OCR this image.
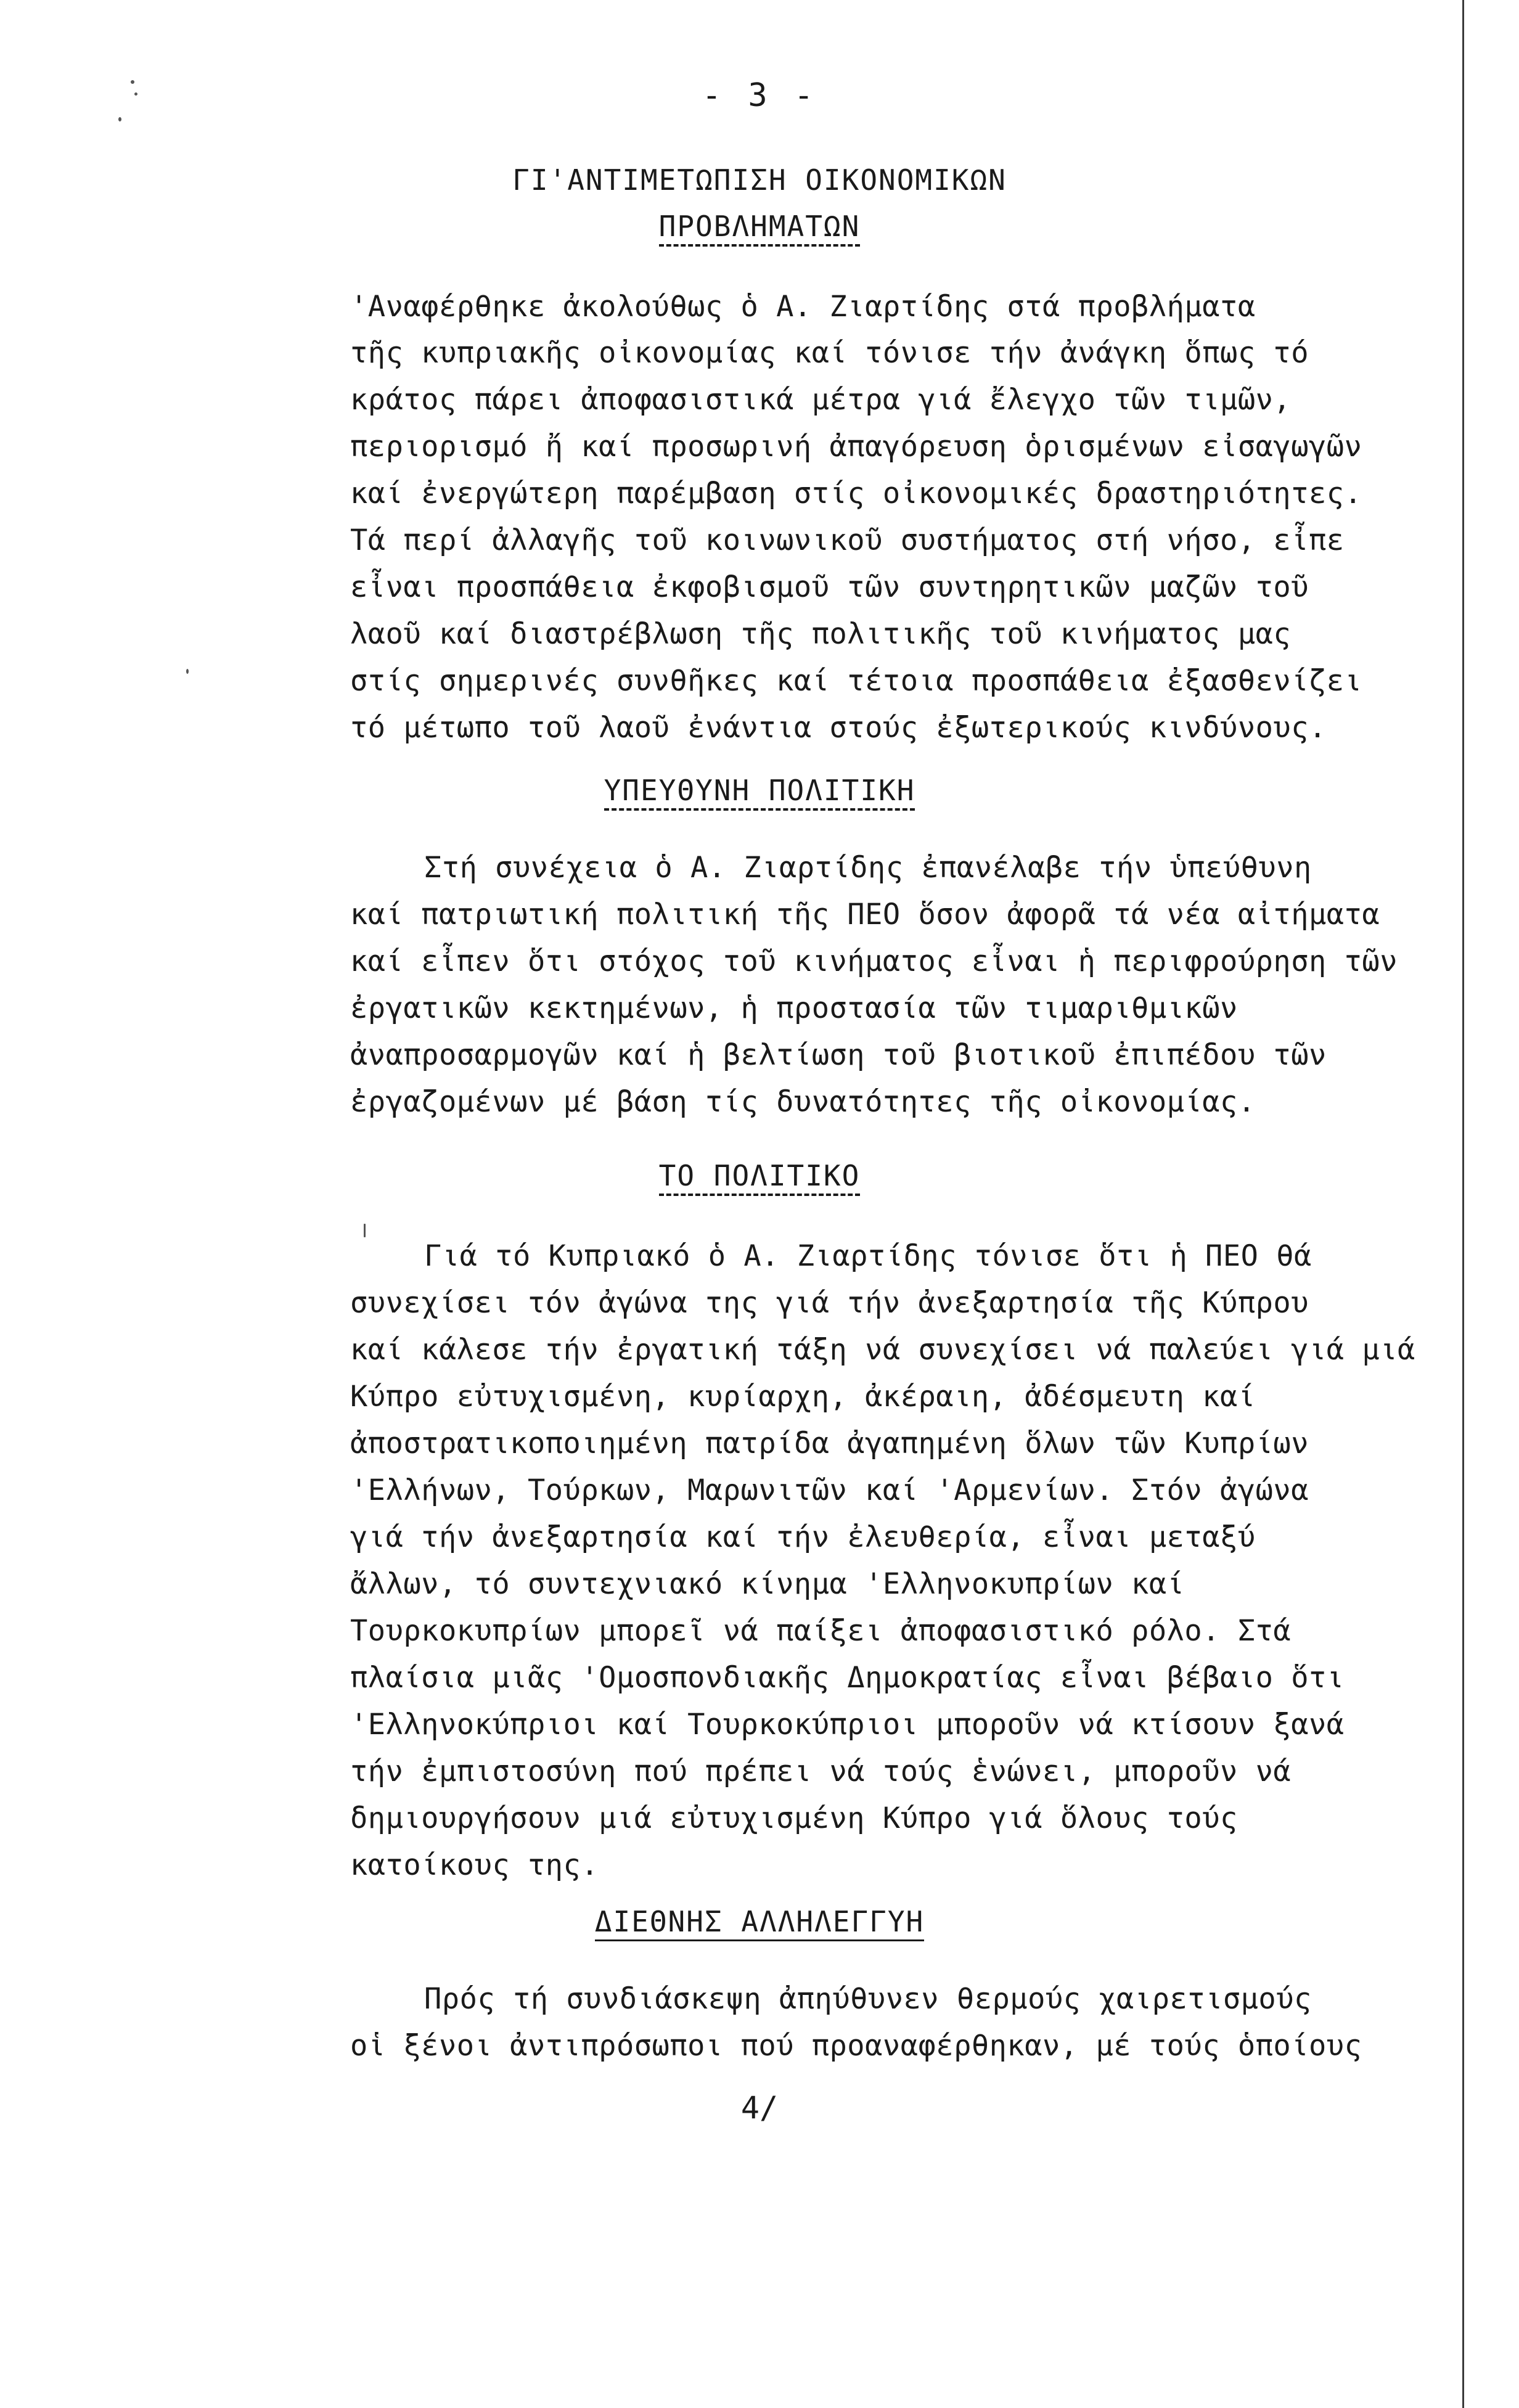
- 3 -
ΓΙ'ΑΝΤΙΜΕΤΩΠΙΣΗ ΟΙΚΟΝΟΜΙΚΩΝ
ΠΡΟΒΛΗΜΑΤΩΝ
'Αναφέρθηκε ἀκολούθως ὁ Α. Ζιαρτίδης στά προβλήματα
τῆς κυπριακῆς οἰκονομίας καί τόνισε τήν ἀνάγκη ὅπως τό
κράτος πάρει ἀποφασιστικά μέτρα γιά ἔλεγχο τῶν τιμῶν,
περιορισμό ἤ καί προσωρινή ἀπαγόρευση ὁρισμένων εἰσαγωγῶν
καί ἐνεργώτερη παρέμβαση στίς οἰκονομικές δραστηριότητες.
Τά περί ἀλλαγῆς τοῦ κοινωνικοῦ συστήματος στή νήσο, εἶπε
εἶναι προσπάθεια ἐκφοβισμοῦ τῶν συντηρητικῶν μαζῶν τοῦ
λαοῦ καί διαστρέβλωση τῆς πολιτικῆς τοῦ κινήματος μας
στίς σημερινές συνθῆκες καί τέτοια προσπάθεια ἐξασθενίζει
τό μέτωπο τοῦ λαοῦ ἐνάντια στούς ἐξωτερικούς κινδύνους.
ΥΠΕΥΘΥΝΗ ΠΟΛΙΤΙΚΗ
Στή συνέχεια ὁ Α. Ζιαρτίδης ἐπανέλαβε τήν ὑπεύθυνη
καί πατριωτική πολιτική τῆς ΠΕΟ ὅσον ἀφορᾶ τά νέα αἰτήματα
καί εἶπεν ὅτι στόχος τοῦ κινήματος εἶναι ἡ περιφρούρηση τῶν
ἐργατικῶν κεκτημένων, ἡ προστασία τῶν τιμαριθμικῶν
ἀναπροσαρμογῶν καί ἡ βελτίωση τοῦ βιοτικοῦ ἐπιπέδου τῶν
ἐργαζομένων μέ βάση τίς δυνατότητες τῆς οἰκονομίας.
ΤΟ ΠΟΛΙΤΙΚΟ
Γιά τό Κυπριακό ὁ Α. Ζιαρτίδης τόνισε ὅτι ἡ ΠΕΟ θά
συνεχίσει τόν ἀγώνα της γιά τήν ἀνεξαρτησία τῆς Κύπρου
καί κάλεσε τήν ἐργατική τάξη νά συνεχίσει νά παλεύει γιά μιά
Κύπρο εὐτυχισμένη, κυρίαρχη, ἀκέραιη, ἀδέσμευτη καί
ἀποστρατικοποιημένη πατρίδα ἀγαπημένη ὅλων τῶν Κυπρίων
'Ελλήνων, Τούρκων, Μαρωνιτῶν καί 'Αρμενίων. Στόν ἀγώνα
γιά τήν ἀνεξαρτησία καί τήν ἐλευθερία, εἶναι μεταξύ
ἄλλων, τό συντεχνιακό κίνημα 'Ελληνοκυπρίων καί
Τουρκοκυπρίων μπορεῖ νά παίξει ἀποφασιστικό ρόλο. Στά
πλαίσια μιᾶς 'Ομοσπονδιακῆς Δημοκρατίας εἶναι βέβαιο ὅτι
'Ελληνοκύπριοι καί Τουρκοκύπριοι μποροῦν νά κτίσουν ξανά
τήν ἐμπιστοσύνη πού πρέπει νά τούς ἑνώνει, μποροῦν νά
δημιουργήσουν μιά εὐτυχισμένη Κύπρο γιά ὅλους τούς
κατοίκους της.
ΔΙΕΘΝΗΣ ΑΛΛΗΛΕΓΓΥΗ
Πρός τή συνδιάσκεψη ἀπηύθυνεν θερμούς χαιρετισμούς
οἱ ξένοι ἀντιπρόσωποι πού προαναφέρθηκαν, μέ τούς ὁποίους
4/
